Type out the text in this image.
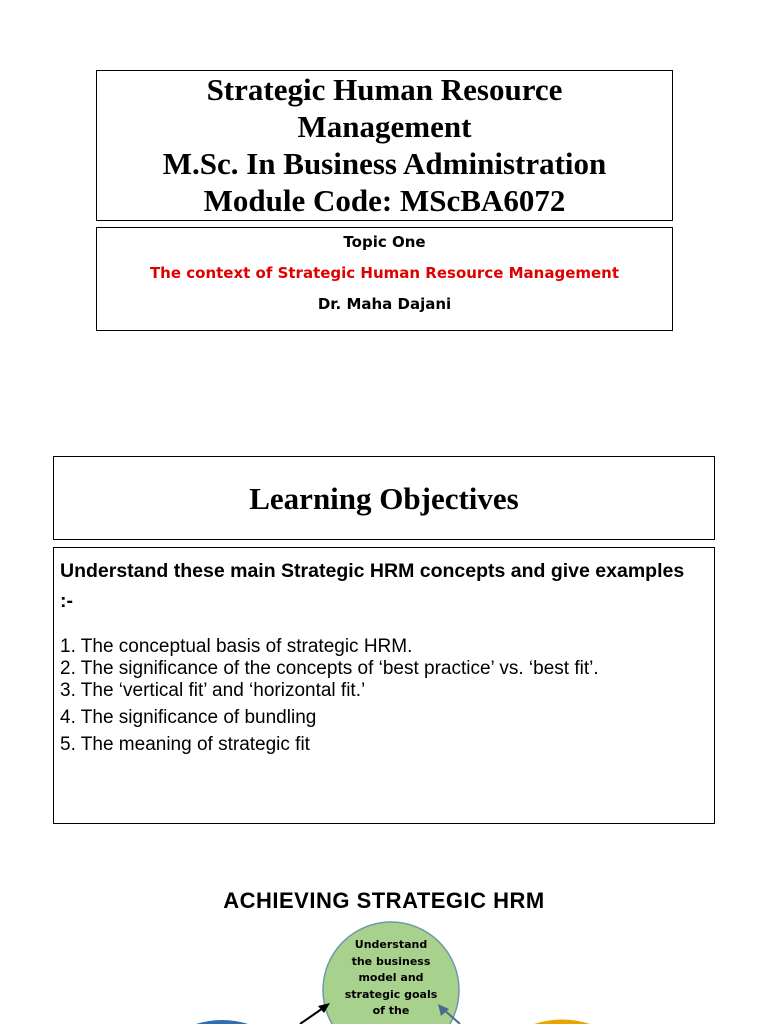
Strategic Human Resource
Management
M.Sc. In Business Administration
Module Code: MScBA6072
Topic One
The context of Strategic Human Resource Management
Dr. Maha Dajani
Learning Objectives
Understand these main Strategic HRM concepts and give examples :-
1. The conceptual basis of strategic HRM.
2. The significance of the concepts of ‘best practice’ vs. ‘best fit’.
3. The ‘vertical fit’ and ‘horizontal fit.’
4. The significance of bundling
5. The meaning of strategic fit
ACHIEVING STRATEGIC HRM
Understand
the business
model and
strategic goals
of the
